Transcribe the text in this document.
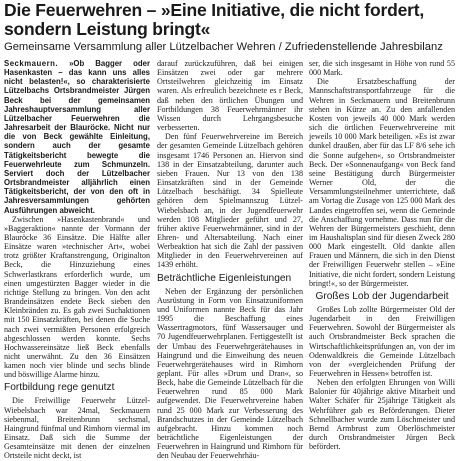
Die Feuerwehren – »Eine Initiative, die nicht fordert, sondern Leistung bringt«
Gemeinsame Versammlung aller Lützelbacher Wehren / Zufriedenstellende Jahresbilanz

Seckmauern. »Ob Bagger oder Hasenkasten – das kann uns alles nicht belasten!«, so charakterisierte Lützelbachs Ortsbrandmeister Jürgen Beck bei der gemeinsamen Jahreshauptversammlung aller Lützelbacher Feuerwehren die Jahresarbeit der Blauröcke. Nicht nur die von Beck gewählte Einleitung, sondern auch der gesamte Tätigkeitsbericht bewegte die Feuerwehrleute zum Schmunzeln. Serviert doch der Lützelbacher Ortsbrandmeister alljährlich einen Tätigkeitsbericht, der von den oft in Jahresversammlungen gehörten Ausführungen abweicht.

Zwischen »Hasenkastenbrand« und »Baggeraktion« nannte der Vormann der Blauröcke 36 Einsätze. Die Hälfte aller Einsätze waren »technischer Art«, wobei trotz größter Kraftanstrengung, Originalton Beck, die Hinzuziehung eines Schwerlastkrans erforderlich wurde, um einen umgestürzten Bagger wieder in die richtige Stellung zu bringen. Von den acht Brandeinsätzen endete Beck sieben den Kleinbränden zu. Es gab zwei Suchaktionen mit 150 Einsatzkräften, bei denen die Suche nach zwei vermißten Personen erfolgreich abgeschlossen werden konnte. Sechs Hochwassereinsätze ließ Beck ebenfalls nicht unerwähnt. Zu den 36 Einsätzen kamen noch vier blinde und sechs blinde und böswillige Alarme hinzu.

Fortbildung rege genutzt

Die Freiwillige Feuerwehr Lützel-Wiebelsbach war 24mal, Seckmauern siebenmal, Breitenbrunn sechsmal, Haingrund fünfmal und Rimhorn viermal im Einsatz. Daß sich die Summe der Gesamteinsätze mit denen der einzelnen Ortsteile nicht deckt, ist

darauf zurückzuführen, daß bei einigen Einsätzen zwei oder gar mehrere Ortsteilwehren gleichzeitig im Einsatz waren. Als erfreulich bezeichnete es r Beck, daß neben den örtlichen Übungen und Fortbildungen 38 Feuerwehrmänner ihr Wissen durch Lehrgangsbesuche verbesserten.

Den fünf Feuerwehrvereine im Bereich der gesamten Gemeinde Lützelbach gehören insgesamt 1746 Personen an. Hiervon sind 138 in der Einsatzabteilung, darunter auch sieben Frauen. Nur 13 von den 138 Einsatzkräften sind in der Gemeinde Lützelbach beschäftigt. 34 Spielleute gehören dem Spielmannszug Lützel-Wiebelsbach an, in der Jugendfeuerwehr werden 108 Mitglieder geführt und 27, früher aktive Feuerwehrmänner, sind in der Ehren- und Altersabteilung. Nach einer Werbeaktion hat sich die Zahl der passiven Mitglieder in den Feuerwehrvereinen auf 1439 erhöht.

Beträchtliche Eigenleistungen

Neben der Ergänzung der persönlichen Ausrüstung in Form von Einsatzuniformen und Uniformen nannte Beck für das Jahr 1995 die Beschaffung eines Wassertragmotors, fünf Wassersauger und 70 Jugendfeuerwehrplanen. Fertiggestellt ist der Umbau des Feuerwehrgerätehauses in Haingrund und die Einweihung des neuen Feuerwehrgerätehauses wird in Rimhorn geplant. Für alles »Drum und Dran«, so Beck, habe die Gemeinde Lützelbach für die Feuerwehren rund 85 000 Mark aufgewendet. Die Feuerwehrvereine haben rund 25 000 Mark zur Verbesserung des Brandschutzes in der Gemeinde Lützelbach aufgebracht. Hinzu kommen noch beträchtliche Eigenleistungen der Feuerwehren in Haingrund und Rimhorn für den Neubau der Feuerwehrhäu-

ser, die sich insgesamt in Höhe von rund 55 000 Mark.

Die Ersatzbeschaffung der Mannschaftstransportfahrzeuge für die Wehren in Seckmauern und Breitenbrunn stehen in Kürze an. Zu den anfallenden Kosten von jeweils 40 000 Mark werden sich die örtlichen Feuerwehrvereine mit jeweils 10 000 Mark beteiligen. »Es ist zwar dunkel draußen, aber für das LF 8/6 sehe ich die Sonne aufgehen«, so Ortsbrandmeister Beck. Der »Sonnenaufgang« von Beck fand seine Bestätigung durch Bürgermeister Werner Old, der die Versammlungsteilnehmer unterrichtete, daß am Vortag die Zusage von 125 000 Mark des Landes eingetroffen sei, wenn die Gemeinde die Anschaffung vornehme. Dass nun für die Wehren der Bürgermeisters geschieht, denn im Haushaltsplan sind für diesen Zweck 280 000 Mark eingestellt. Old dankte allen Frauen und Männern, die sich in den Dienst der Freiwilligen Feuerwehr stellen – »Eine Initiative, die nicht fordert, sondern Leistung bringt!«, so der Bürgermeister.

Großes Lob der Jugendarbeit

Großes Lob zollte Bürgermeister Old der Jugendarbeit in den Freiwilligen Feuerwehren. Sowohl der Bürgermeister als auch Ortsbrandmeister Beck sprachen die Wirtschaftlichkeitsprüfungen an, von der im Odenwaldkreis die Gemeinde Lützelbach von der »vergleichenden Prüfung der Feuerwehren in Hessen« betroffen ist.

Neben den erfolgten Ehrungen von Willi Balonier für 40jährige aktive Mitarbeit und Walter Schäfer für 25jährige Tätigkeit als Wehrführer gab es Beförderungen. Dieter Schnellbacher wurde zum Löschmeister und Bernd Armbrust zum Oberlöschmeister durch Ortsbrandmeister Jürgen Beck befördert.
